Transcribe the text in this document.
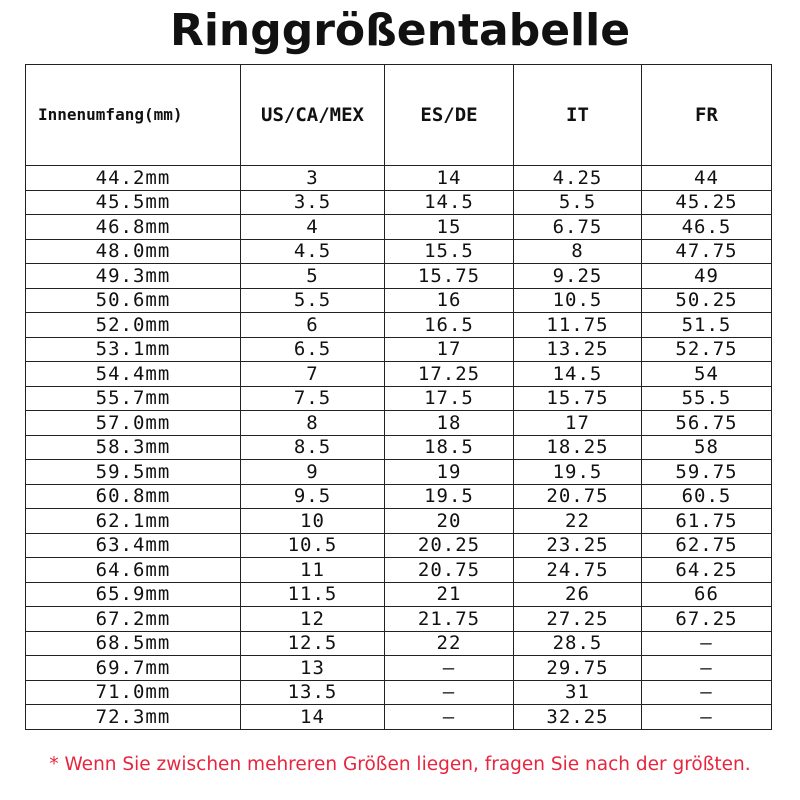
Ringgrößentabelle
Innenumfang(mm)	US/CA/MEX	ES/DE	IT	FR
44.2mm	3	14	4.25	44
45.5mm	3.5	14.5	5.5	45.25
46.8mm	4	15	6.75	46.5
48.0mm	4.5	15.5	8	47.75
49.3mm	5	15.75	9.25	49
50.6mm	5.5	16	10.5	50.25
52.0mm	6	16.5	11.75	51.5
53.1mm	6.5	17	13.25	52.75
54.4mm	7	17.25	14.5	54
55.7mm	7.5	17.5	15.75	55.5
57.0mm	8	18	17	56.75
58.3mm	8.5	18.5	18.25	58
59.5mm	9	19	19.5	59.75
60.8mm	9.5	19.5	20.75	60.5
62.1mm	10	20	22	61.75
63.4mm	10.5	20.25	23.25	62.75
64.6mm	11	20.75	24.75	64.25
65.9mm	11.5	21	26	66
67.2mm	12	21.75	27.25	67.25
68.5mm	12.5	22	28.5	–
69.7mm	13	–	29.75	–
71.0mm	13.5	–	31	–
72.3mm	14	–	32.25	–
* Wenn Sie zwischen mehreren Größen liegen, fragen Sie nach der größten.
